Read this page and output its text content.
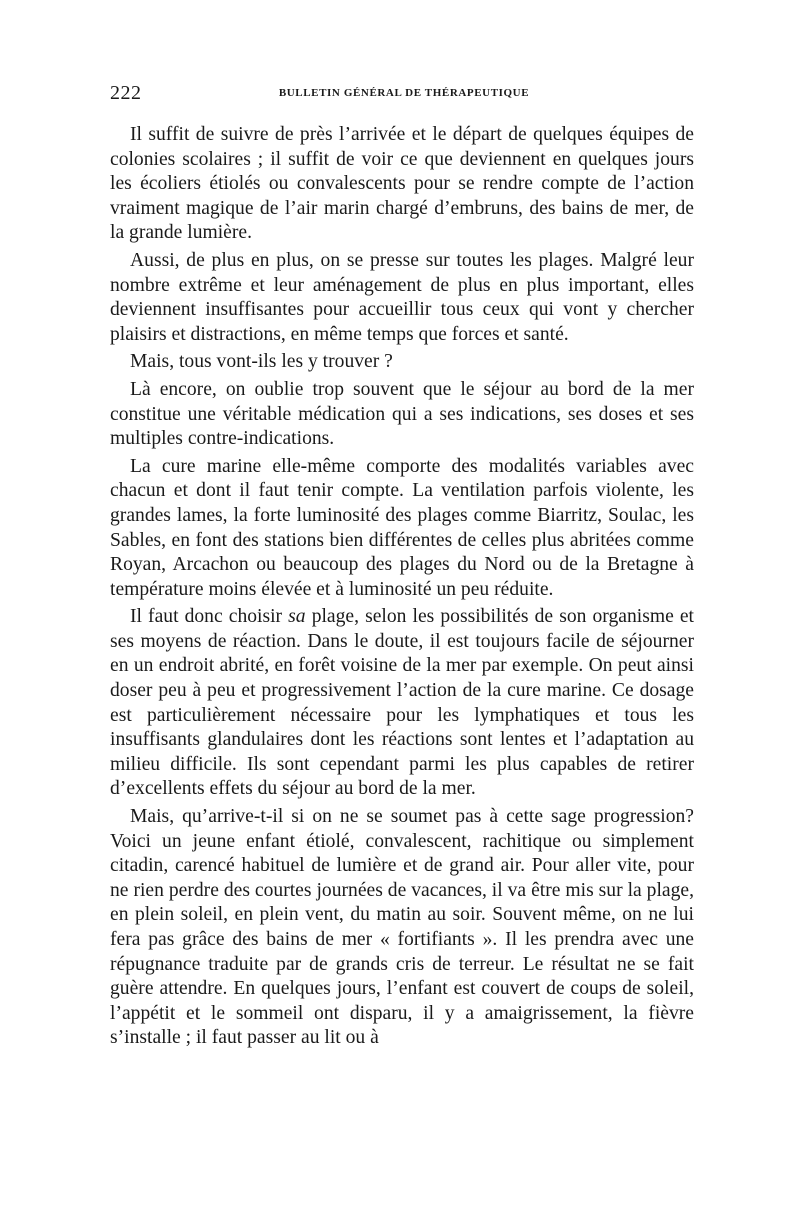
222	BULLETIN GÉNÉRAL DE THÉRAPEUTIQUE

Il suffit de suivre de près l’arrivée et le départ de quelques équipes de colonies scolaires ; il suffit de voir ce que deviennent en quelques jours les écoliers étiolés ou convalescents pour se rendre compte de l’action vraiment magique de l’air marin chargé d’embruns, des bains de mer, de la grande lumière.

Aussi, de plus en plus, on se presse sur toutes les plages. Malgré leur nombre extrême et leur aménagement de plus en plus important, elles deviennent insuffisantes pour accueillir tous ceux qui vont y chercher plaisirs et distractions, en même temps que forces et santé.

Mais, tous vont-ils les y trouver ?

Là encore, on oublie trop souvent que le séjour au bord de la mer constitue une véritable médication qui a ses indications, ses doses et ses multiples contre-indications.

La cure marine elle-même comporte des modalités variables avec chacun et dont il faut tenir compte. La ventilation parfois violente, les grandes lames, la forte luminosité des plages comme Biarritz, Soulac, les Sables, en font des stations bien différentes de celles plus abritées comme Royan, Arcachon ou beaucoup des plages du Nord ou de la Bretagne à température moins élevée et à luminosité un peu réduite.

Il faut donc choisir sa plage, selon les possibilités de son organisme et ses moyens de réaction. Dans le doute, il est toujours facile de séjourner en un endroit abrité, en forêt voisine de la mer par exemple. On peut ainsi doser peu à peu et progressivement l’action de la cure marine. Ce dosage est particulièrement nécessaire pour les lymphatiques et tous les insuffisants glandulaires dont les réactions sont lentes et l’adaptation au milieu difficile. Ils sont cependant parmi les plus capables de retirer d’excellents effets du séjour au bord de la mer.

Mais, qu’arrive-t-il si on ne se soumet pas à cette sage progression? Voici un jeune enfant étiolé, convalescent, rachitique ou simplement citadin, carencé habituel de lumière et de grand air. Pour aller vite, pour ne rien perdre des courtes journées de vacances, il va être mis sur la plage, en plein soleil, en plein vent, du matin au soir. Souvent même, on ne lui fera pas grâce des bains de mer « fortifiants ». Il les prendra avec une répugnance traduite par de grands cris de terreur. Le résultat ne se fait guère attendre. En quelques jours, l’enfant est couvert de coups de soleil, l’appétit et le sommeil ont disparu, il y a amaigrissement, la fièvre s’installe ; il faut passer au lit ou à
